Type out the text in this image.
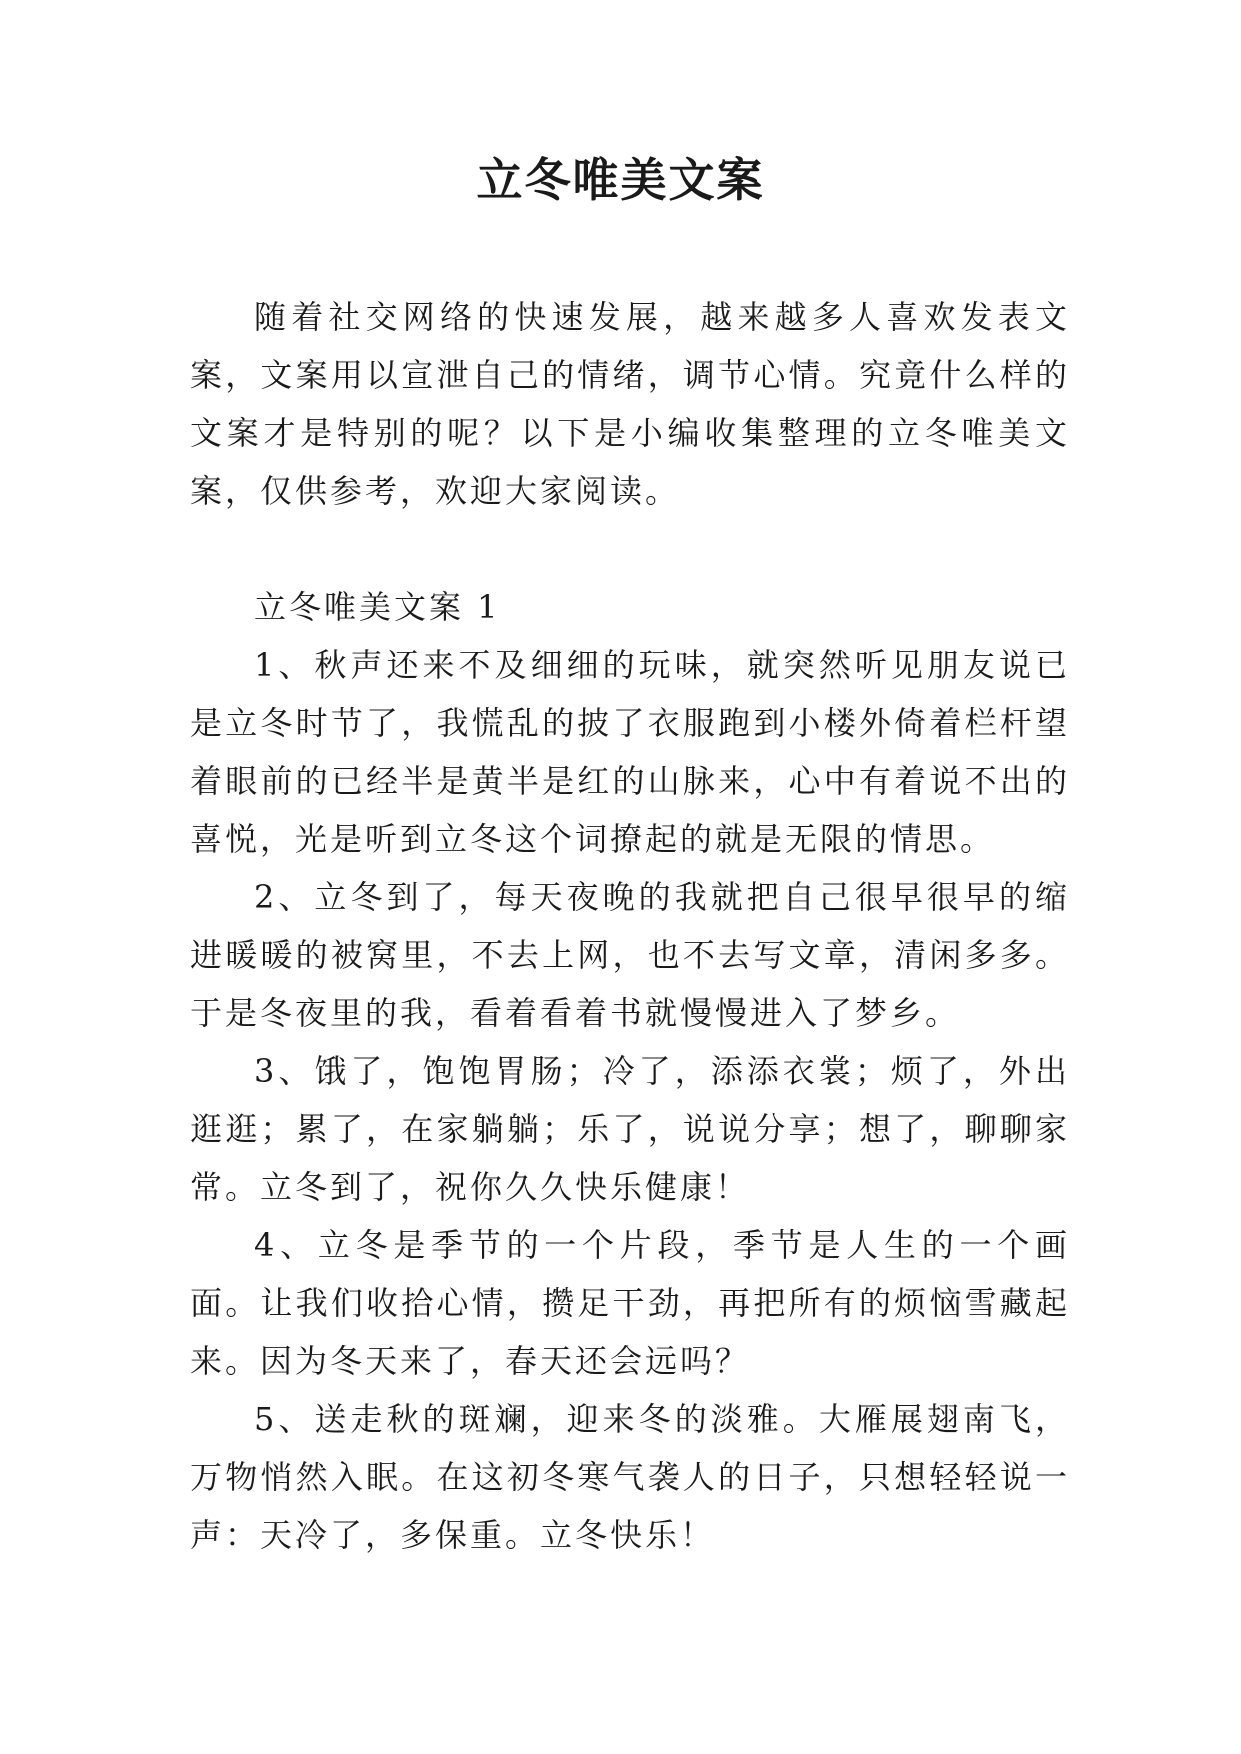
立冬唯美文案

随着社交网络的快速发展，越来越多人喜欢发表文案，文案用以宣泄自己的情绪，调节心情。究竟什么样的文案才是特别的呢？以下是小编收集整理的立冬唯美文案，仅供参考，欢迎大家阅读。

立冬唯美文案 1

1、秋声还来不及细细的玩味，就突然听见朋友说已是立冬时节了，我慌乱的披了衣服跑到小楼外倚着栏杆望着眼前的已经半是黄半是红的山脉来，心中有着说不出的喜悦，光是听到立冬这个词撩起的就是无限的情思。

2、立冬到了，每天夜晚的我就把自己很早很早的缩进暖暖的被窝里，不去上网，也不去写文章，清闲多多。于是冬夜里的我，看着看着书就慢慢进入了梦乡。

3、饿了，饱饱胃肠；冷了，添添衣裳；烦了，外出逛逛；累了，在家躺躺；乐了，说说分享；想了，聊聊家常。立冬到了，祝你久久快乐健康！

4、立冬是季节的一个片段，季节是人生的一个画面。让我们收拾心情，攒足干劲，再把所有的烦恼雪藏起来。因为冬天来了，春天还会远吗？

5、送走秋的斑斓，迎来冬的淡雅。大雁展翅南飞，万物悄然入眠。在这初冬寒气袭人的日子，只想轻轻说一声：天冷了，多保重。立冬快乐！
